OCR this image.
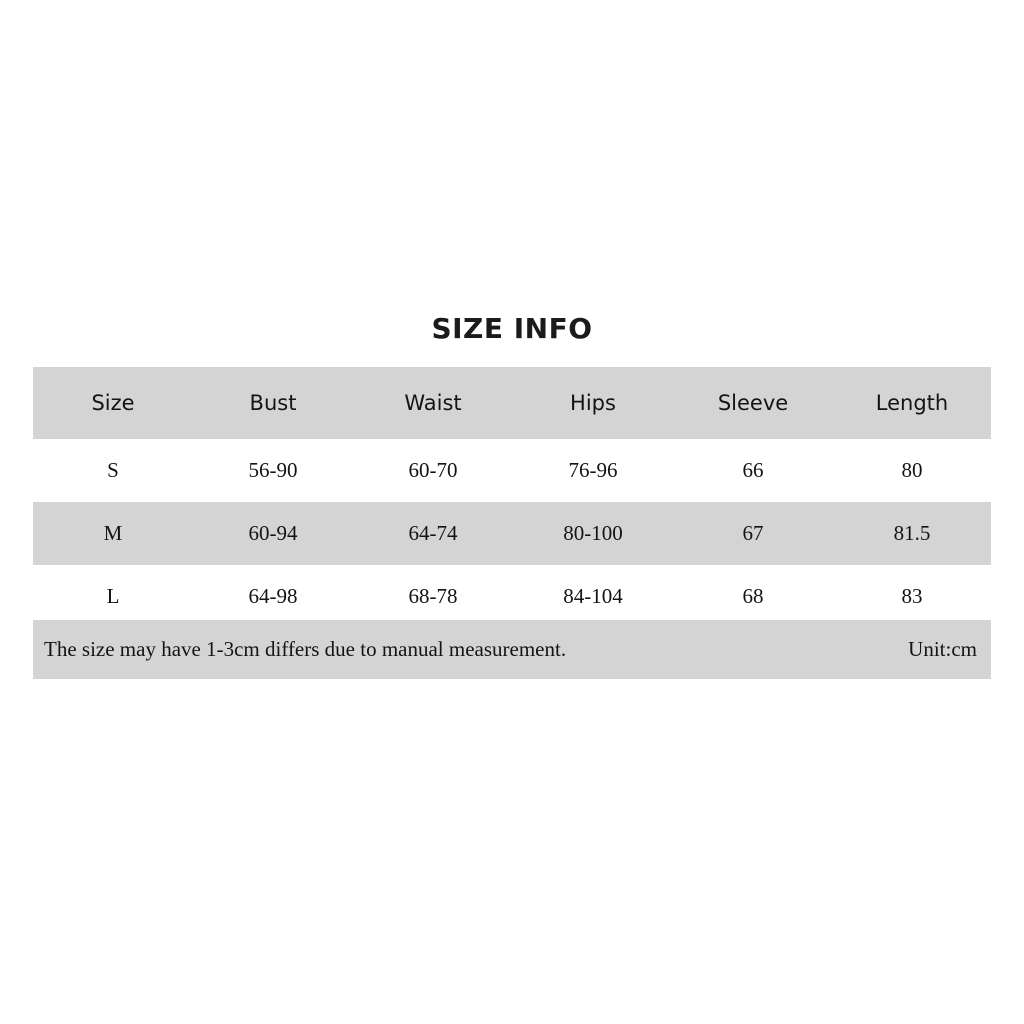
SIZE INFO
Size	Bust	Waist	Hips	Sleeve	Length
S	56-90	60-70	76-96	66	80
M	60-94	64-74	80-100	67	81.5
L	64-98	68-78	84-104	68	83
The size may have 1-3cm differs due to manual measurement.	Unit:cm
